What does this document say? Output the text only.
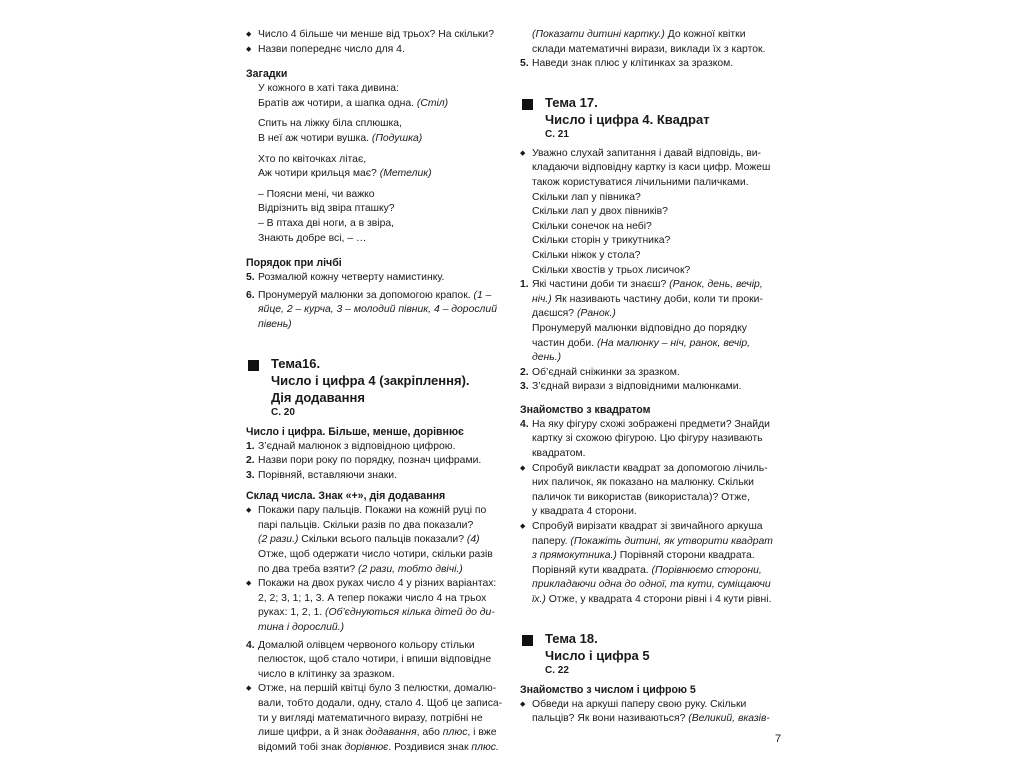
◆ Число 4 більше чи менше від трьох? На скільки?
◆ Назви попереднє число для 4.
Загадки
У кожного в хаті така дивина:
Братів аж чотири, а шапка одна. (Стіл)
Спить на ліжку біла сплюшка,
В неї аж чотири вушка. (Подушка)
Хто по квіточках літає,
Аж чотири крильця має? (Метелик)
– Поясни мені, чи важко
Відрізнить від звіра пташку?
– В птаха дві ноги, а в звіра,
Знають добре всі, – …
Порядок при лічбі
5. Розмалюй кожну четверту намистинку.
6. Пронумеруй малюнки за допомогою крапок. (1 –
яйце, 2 – курча, 3 – молодий півник, 4 – дорослий
півень)
Тема16.
Число і цифра 4 (закріплення).
Дія додавання
С. 20
Число і цифра. Більше, менше, дорівнює
1. З’єднай малюнок з відповідною цифрою.
2. Назви пори року по порядку, познач цифрами.
3. Порівняй, вставляючи знаки.
Склад числа. Знак «+», дія додавання
◆ Покажи пару пальців. Покажи на кожній руці по
парі пальців. Скільки разів по два показали?
(2 рази.) Скільки всього пальців показали? (4)
Отже, щоб одержати число чотири, скільки разів
по два треба взяти? (2 рази, тобто двічі.)
◆ Покажи на двох руках число 4 у різних варіантах:
2, 2; 3, 1; 1, 3. А тепер покажи число 4 на трьох
руках: 1, 2, 1. (Об’єднуються кілька дітей до ди-
тина і дорослий.)
4. Домалюй олівцем червоного кольору стільки
пелюсток, щоб стало чотири, і впиши відповідне
число в клітинку за зразком.
◆ Отже, на першій квітці було 3 пелюстки, домалю-
вали, тобто додали, одну, стало 4. Щоб це записа-
ти у вигляді математичного виразу, потрібні не
лише цифри, а й знак додавання, або плюс, і вже
відомий тобі знак дорівнює. Роздивися знак плюс.
(Показати дитині картку.) До кожної квітки
склади математичні вирази, виклади їх з карток.
5. Наведи знак плюс у клітинках за зразком.
Тема 17.
Число і цифра 4. Квадрат
С. 21
◆ Уважно слухай запитання і давай відповідь, ви-
кладаючи відповідну картку із каси цифр. Можеш
також користуватися лічильними паличками.
Скільки лап у півника?
Скільки лап у двох півників?
Скільки сонечок на небі?
Скільки сторін у трикутника?
Скільки ніжок у стола?
Скільки хвостів у трьох лисичок?
1. Які частини доби ти знаєш? (Ранок, день, вечір,
ніч.) Як називають частину доби, коли ти проки-
даєшся? (Ранок.)
Пронумеруй малюнки відповідно до порядку
частин доби. (На малюнку – ніч, ранок, вечір,
день.)
2. Об’єднай сніжинки за зразком.
3. З’єднай вирази з відповідними малюнками.
Знайомство з квадратом
4. На яку фігуру схожі зображені предмети? Знайди
картку зі схожою фігурою. Цю фігуру називають
квадратом.
◆ Спробуй викласти квадрат за допомогою лічиль-
них паличок, як показано на малюнку. Скільки
паличок ти використав (використала)? Отже,
у квадрата 4 сторони.
◆ Спробуй вирізати квадрат зі звичайного аркуша
паперу. (Покажіть дитині, як утворити квадрат
з прямокутника.) Порівняй сторони квадрата.
Порівняй кути квадрата. (Порівнюємо сторони,
прикладаючи одна до одної, та кути, суміщаючи
їх.) Отже, у квадрата 4 сторони рівні і 4 кути рівні.
Тема 18.
Число і цифра 5
С. 22
Знайомство з числом і цифрою 5
◆ Обведи на аркуші паперу свою руку. Скільки
пальців? Як вони називаються? (Великий, вказів-
7
